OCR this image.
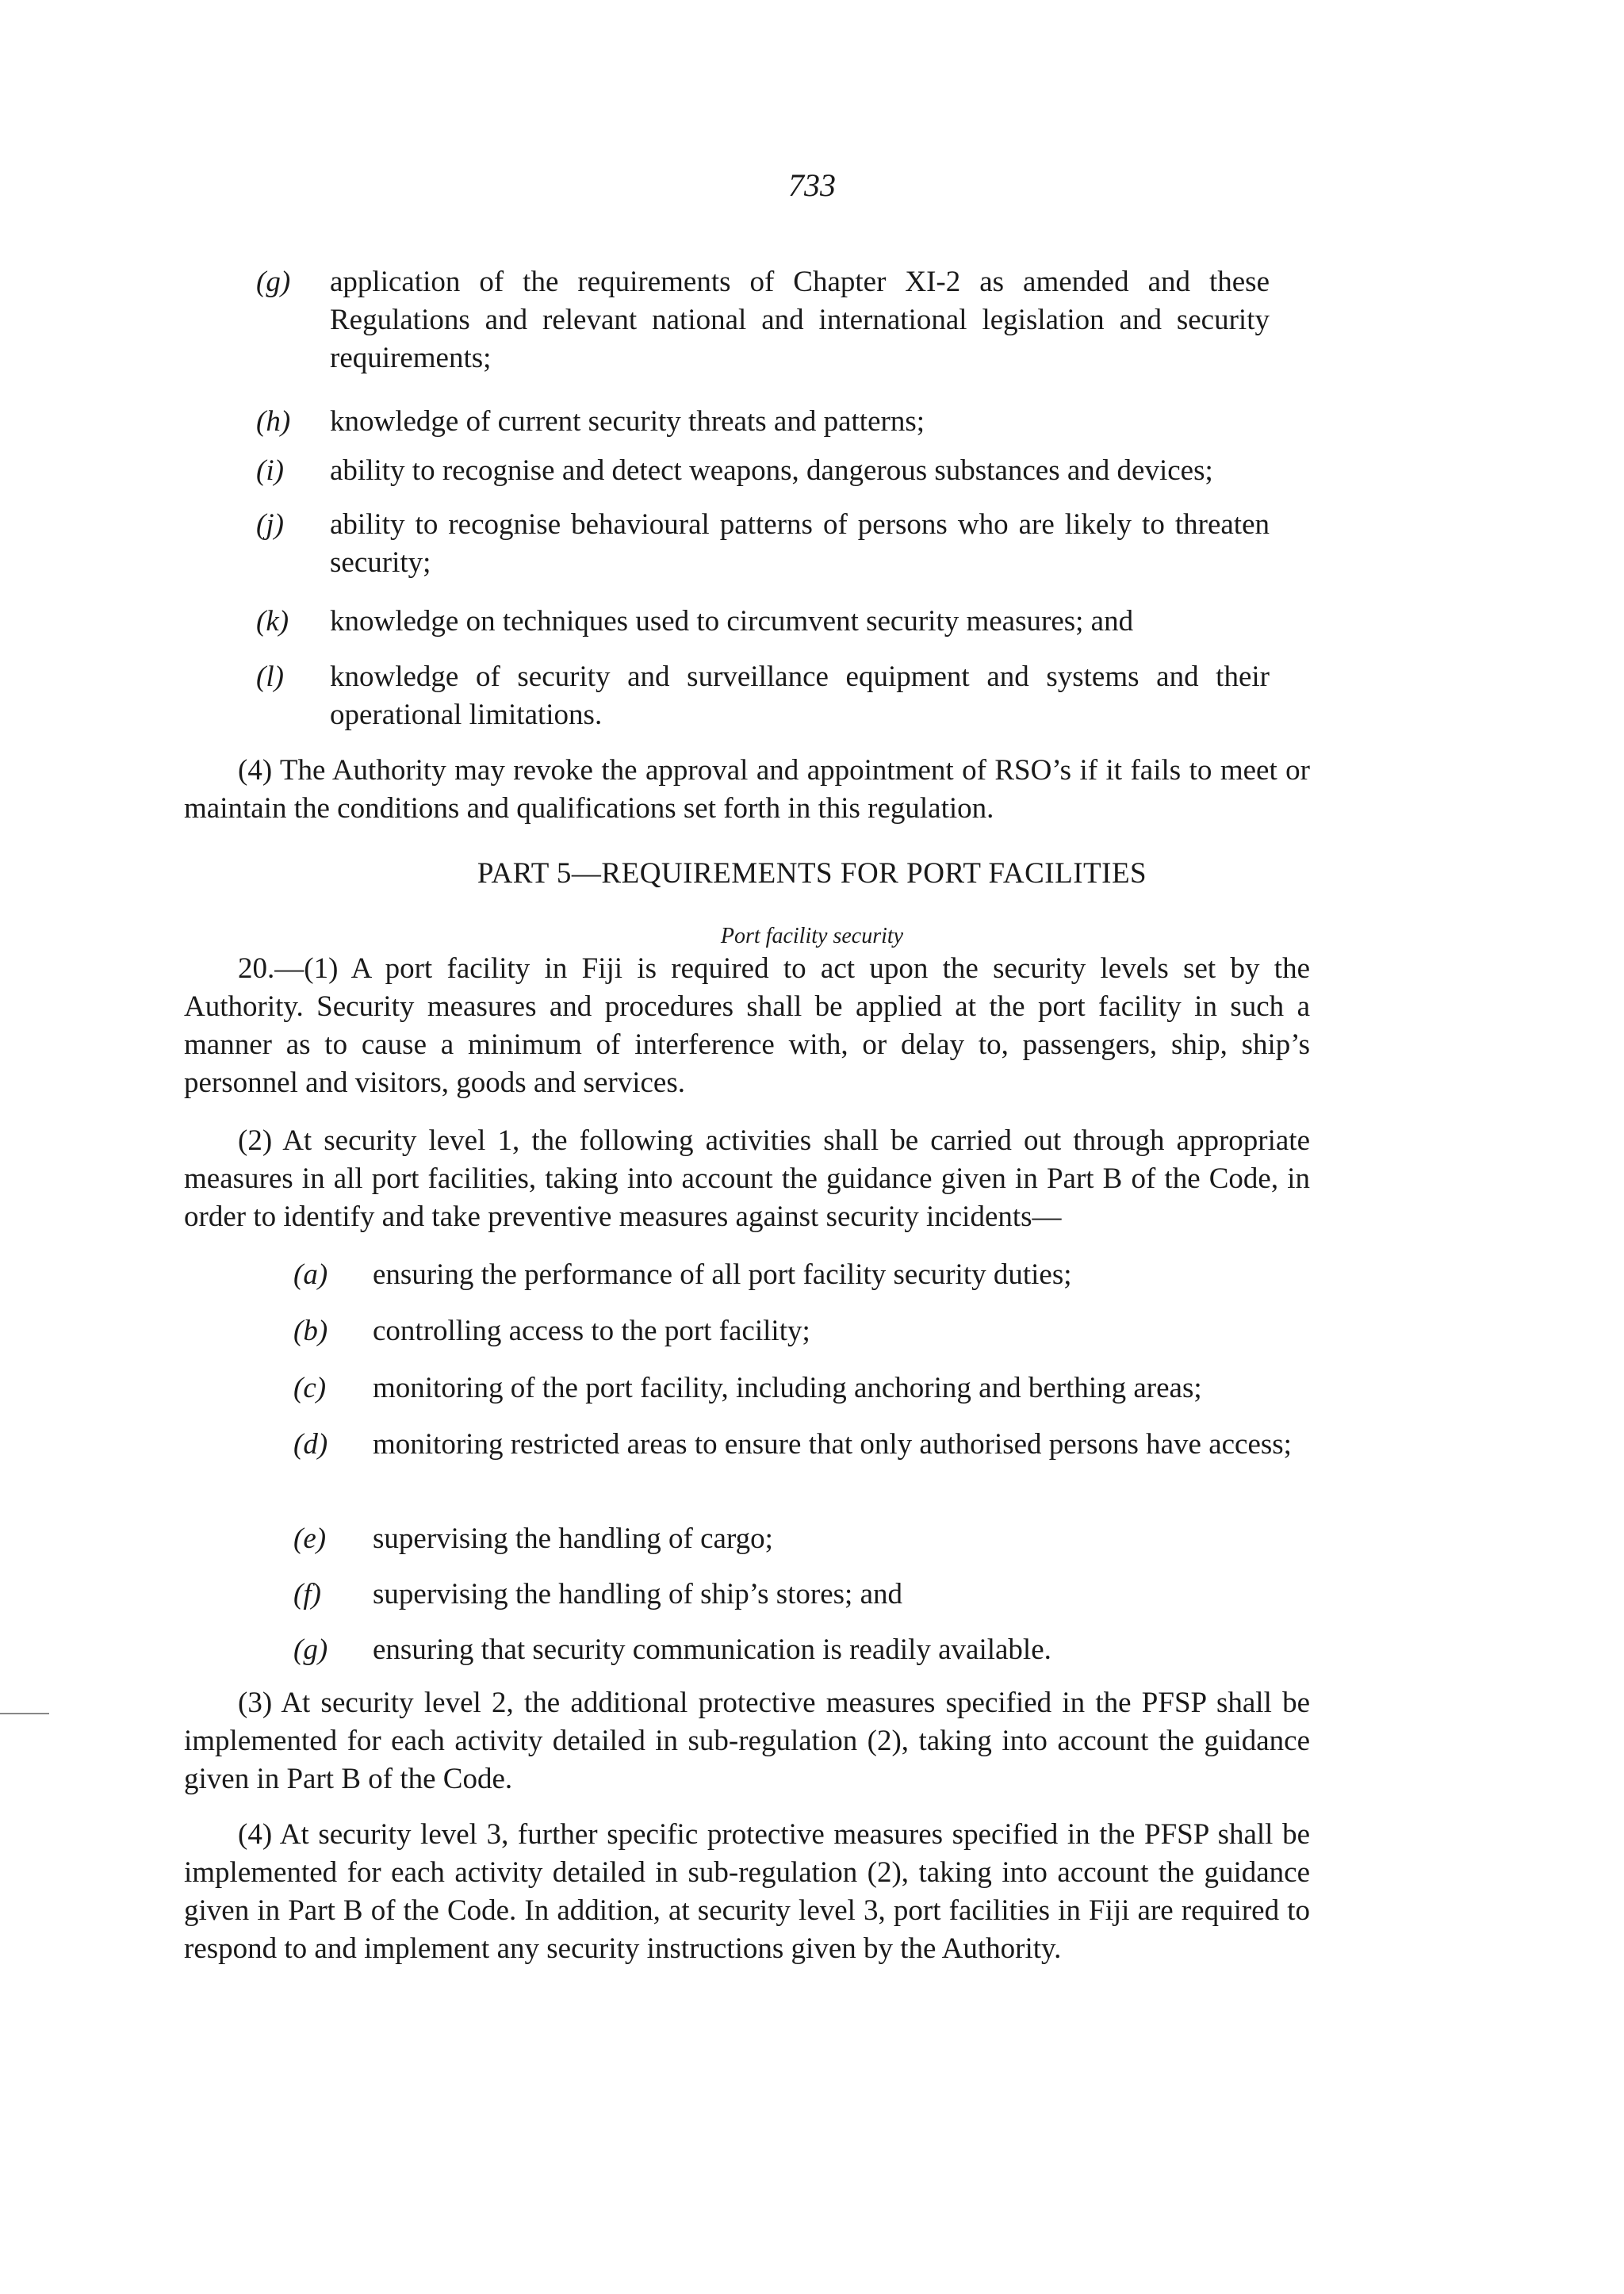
733
(g) application of the requirements of Chapter XI-2 as amended and these Regulations and relevant national and international legislation and security requirements;
(h) knowledge of current security threats and patterns;
(i) ability to recognise and detect weapons, dangerous substances and devices;
(j) ability to recognise behavioural patterns of persons who are likely to threaten security;
(k) knowledge on techniques used to circumvent security measures; and
(l) knowledge of security and surveillance equipment and systems and their operational limitations.
(4) The Authority may revoke the approval and appointment of RSO’s if it fails to meet or maintain the conditions and qualifications set forth in this regulation.
PART 5—REQUIREMENTS FOR PORT FACILITIES
Port facility security
20.—(1) A port facility in Fiji is required to act upon the security levels set by the Authority. Security measures and procedures shall be applied at the port facility in such a manner as to cause a minimum of interference with, or delay to, passengers, ship, ship’s personnel and visitors, goods and services.
(2) At security level 1, the following activities shall be carried out through appropriate measures in all port facilities, taking into account the guidance given in Part B of the Code, in order to identify and take preventive measures against security incidents—
(a) ensuring the performance of all port facility security duties;
(b) controlling access to the port facility;
(c) monitoring of the port facility, including anchoring and berthing areas;
(d) monitoring restricted areas to ensure that only authorised persons have access;
(e) supervising the handling of cargo;
(f) supervising the handling of ship’s stores; and
(g) ensuring that security communication is readily available.
(3) At security level 2, the additional protective measures specified in the PFSP shall be implemented for each activity detailed in sub-regulation (2), taking into account the guidance given in Part B of the Code.
(4) At security level 3, further specific protective measures specified in the PFSP shall be implemented for each activity detailed in sub-regulation (2), taking into account the guidance given in Part B of the Code. In addition, at security level 3, port facilities in Fiji are required to respond to and implement any security instructions given by the Authority.
